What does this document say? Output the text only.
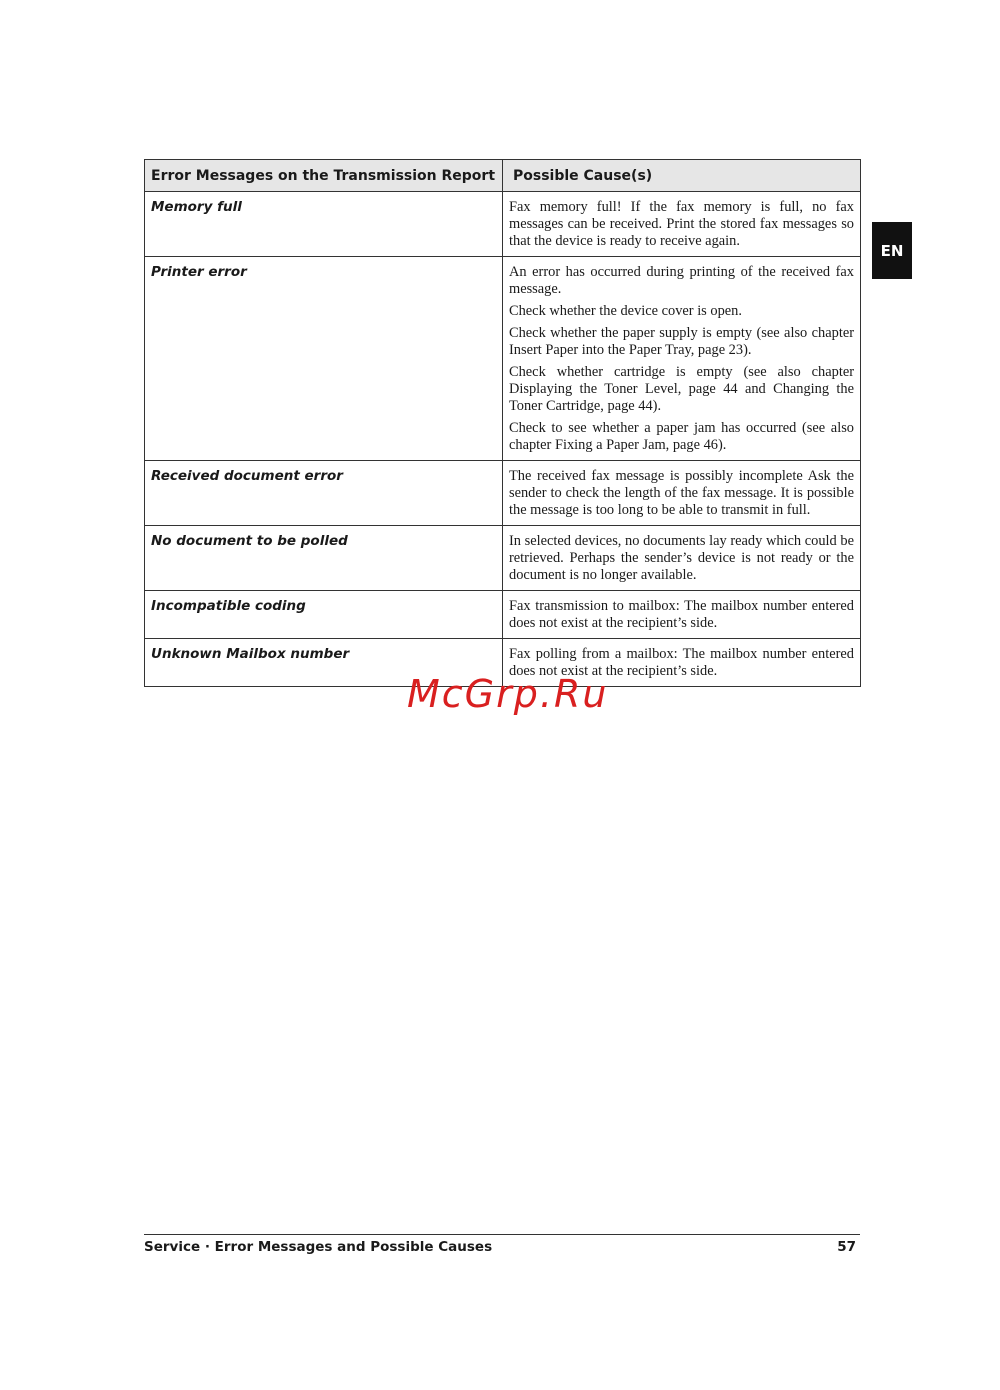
EN
Error Messages on the Transmission Report	Possible Cause(s)
Memory full	Fax memory full! If the fax memory is full, no fax messages can be received. Print the stored fax messages so that the device is ready to receive again.

Printer error	An error has occurred during printing of the received fax message.

Check whether the device cover is open.

Check whether the paper supply is empty (see also chapter Insert Paper into the Paper Tray, page 23).

Check whether cartridge is empty (see also chapter Displaying the Toner Level, page 44 and Changing the Toner Cartridge, page 44).

Check to see whether a paper jam has occurred (see also chapter Fixing a Paper Jam, page 46).

Received document error	The received fax message is possibly incomplete Ask the sender to check the length of the fax message. It is possible the message is too long to be able to transmit in full.

No document to be polled	In selected devices, no documents lay ready which could be retrieved. Perhaps the sender’s device is not ready or the document is no longer available.

Incompatible coding	Fax transmission to mailbox: The mailbox number entered does not exist at the recipient’s side.

Unknown Mailbox number	Fax polling from a mailbox: The mailbox number entered does not exist at the recipient’s side.

McGrp.Ru
Service · Error Messages and Possible Causes	57
